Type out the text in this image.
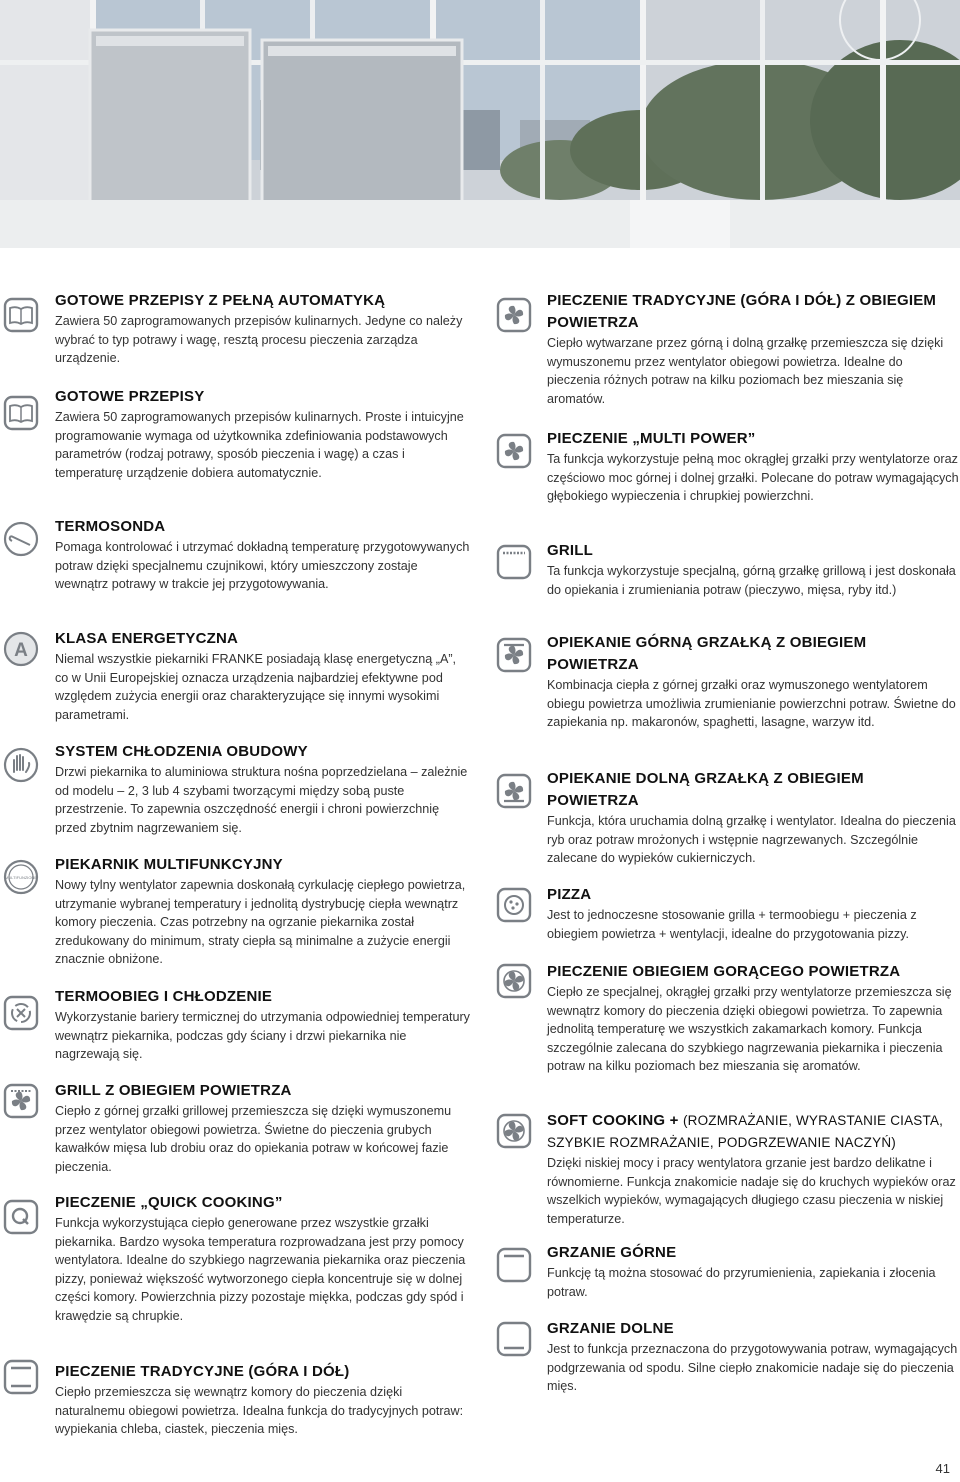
GOTOWE PRZEPISY Z PEŁNĄ AUTOMATYKĄ
Zawiera 50 zaprogramowanych przepisów kulinarnych. Jedyne co należy wybrać to typ potrawy i wagę, resztą procesu pieczenia zarządza urządzenie.
GOTOWE PRZEPISY
Zawiera 50 zaprogramowanych przepisów kulinarnych. Proste i intuicyjne programowanie wymaga od użytkownika zdefiniowania podstawowych parametrów (rodzaj potrawy, sposób pieczenia i wagę) a czas i temperaturę urządzenie dobiera automatycznie.
TERMOSONDA
Pomaga kontrolować i utrzymać dokładną temperaturę przygotowywanych potraw dzięki specjalnemu czujnikowi, który umieszczony zostaje wewnątrz potrawy w trakcie jej przygotowywania.
A
KLASA ENERGETYCZNA
Niemal wszystkie piekarniki FRANKE posiadają klasę energetyczną „A”, co w Unii Europejskiej oznacza urządzenia najbardziej efektywne pod względem zużycia energii oraz charakteryzujące się innymi wysokimi parametrami.
SYSTEM CHŁODZENIA OBUDOWY
Drzwi piekarnika to aluminiowa struktura nośna poprzedzielana – zależnie od modelu – 2, 3 lub 4 szybami tworzącymi między sobą puste przestrzenie. To zapewnia oszczędność energii i chroni powierzchnię przed zbytnim nagrzewaniem się.
MULTIFUNZIONE
PIEKARNIK MULTIFUNKCYJNY
Nowy tylny wentylator zapewnia doskonałą cyrkulację ciepłego powietrza, utrzymanie wybranej temperatury i jednolitą dystrybucję ciepła wewnątrz komory pieczenia. Czas potrzebny na ogrzanie piekarnika został zredukowany do minimum, straty ciepła są minimalne a zużycie energii znacznie obniżone.
TERMOOBIEG I CHŁODZENIE
Wykorzystanie bariery termicznej do utrzymania odpowiedniej temperatury wewnątrz piekarnika, podczas gdy ściany i drzwi piekarnika nie nagrzewają się.
GRILL Z OBIEGIEM POWIETRZA
Ciepło z górnej grzałki grillowej przemieszcza się dzięki wymuszonemu przez wentylator obiegowi powietrza. Świetne do pieczenia grubych kawałków mięsa lub drobiu oraz do opiekania potraw w końcowej fazie pieczenia.
PIECZENIE „QUICK COOKING”
Funkcja wykorzystująca ciepło generowane przez wszystkie grzałki piekarnika. Bardzo wysoka temperatura rozprowadzana jest przy pomocy wentylatora. Idealne do szybkiego nagrzewania piekarnika oraz pieczenia pizzy, ponieważ większość wytworzonego ciepła koncentruje się w dolnej części komory. Powierzchnia pizzy pozostaje miękka, podczas gdy spód i krawędzie są chrupkie.
PIECZENIE TRADYCYJNE (GÓRA I DÓŁ)
Ciepło przemieszcza się wewnątrz komory do pieczenia dzięki naturalnemu obiegowi powietrza. Idealna funkcja do tradycyjnych potraw: wypiekania chleba, ciastek, pieczenia mięs.
PIECZENIE TRADYCYJNE (GÓRA I DÓŁ) Z OBIEGIEM POWIETRZA
Ciepło wytwarzane przez górną i dolną grzałkę przemieszcza się dzięki wymuszonemu przez wentylator obiegowi powietrza. Idealne do pieczenia różnych potraw na kilku poziomach bez mieszania się aromatów.
PIECZENIE „MULTI POWER”
Ta funkcja wykorzystuje pełną moc okrągłej grzałki przy wentylatorze oraz częściowo moc górnej i dolnej grzałki. Polecane do potraw wymagających głębokiego wypieczenia i chrupkiej powierzchni.
GRILL
Ta funkcja wykorzystuje specjalną, górną grzałkę grillową i jest doskonała do opiekania i zrumieniania potraw (pieczywo, mięsa, ryby itd.)
OPIEKANIE GÓRNĄ GRZAŁKĄ Z OBIEGIEM POWIETRZA
Kombinacja ciepła z górnej grzałki oraz wymuszonego wentylatorem obiegu powietrza umożliwia zrumienianie powierzchni potraw. Świetne do zapiekania np. makaronów, spaghetti, lasagne, warzyw itd.
OPIEKANIE DOLNĄ GRZAŁKĄ Z OBIEGIEM POWIETRZA
Funkcja, która uruchamia dolną grzałkę i wentylator. Idealna do pieczenia ryb oraz potraw mrożonych i wstępnie nagrzewanych. Szczególnie zalecane do wypieków cukierniczych.
PIZZA
Jest to jednoczesne stosowanie grilla + termoobiegu + pieczenia z obiegiem powietrza + wentylacji, idealne do przygotowania pizzy.
PIECZENIE OBIEGIEM GORĄCEGO POWIETRZA
Ciepło ze specjalnej, okrągłej grzałki przy wentylatorze przemieszcza się wewnątrz komory do pieczenia dzięki obiegowi powietrza. To zapewnia jednolitą temperaturę we wszystkich zakamarkach komory. Funkcja szczególnie zalecana do szybkiego nagrzewania piekarnika i pieczenia potraw na kilku poziomach bez mieszania się aromatów.
SOFT COOKING + (ROZMRAŻANIE, WYRASTANIE CIASTA, SZYBKIE ROZMRAŻANIE, PODGRZEWANIE NACZYŃ)
Dzięki niskiej mocy i pracy wentylatora grzanie jest bardzo delikatne i równomierne. Funkcja znakomicie nadaje się do kruchych wypieków oraz wszelkich wypieków, wymagających długiego czasu pieczenia w niskiej temperaturze.
GRZANIE GÓRNE
Funkcję tą można stosować do przyrumienienia, zapiekania i złocenia potraw.
GRZANIE DOLNE
Jest to funkcja przeznaczona do przygotowywania potraw, wymagających podgrzewania od spodu. Silne ciepło znakomicie nadaje się do pieczenia mięs.
41
